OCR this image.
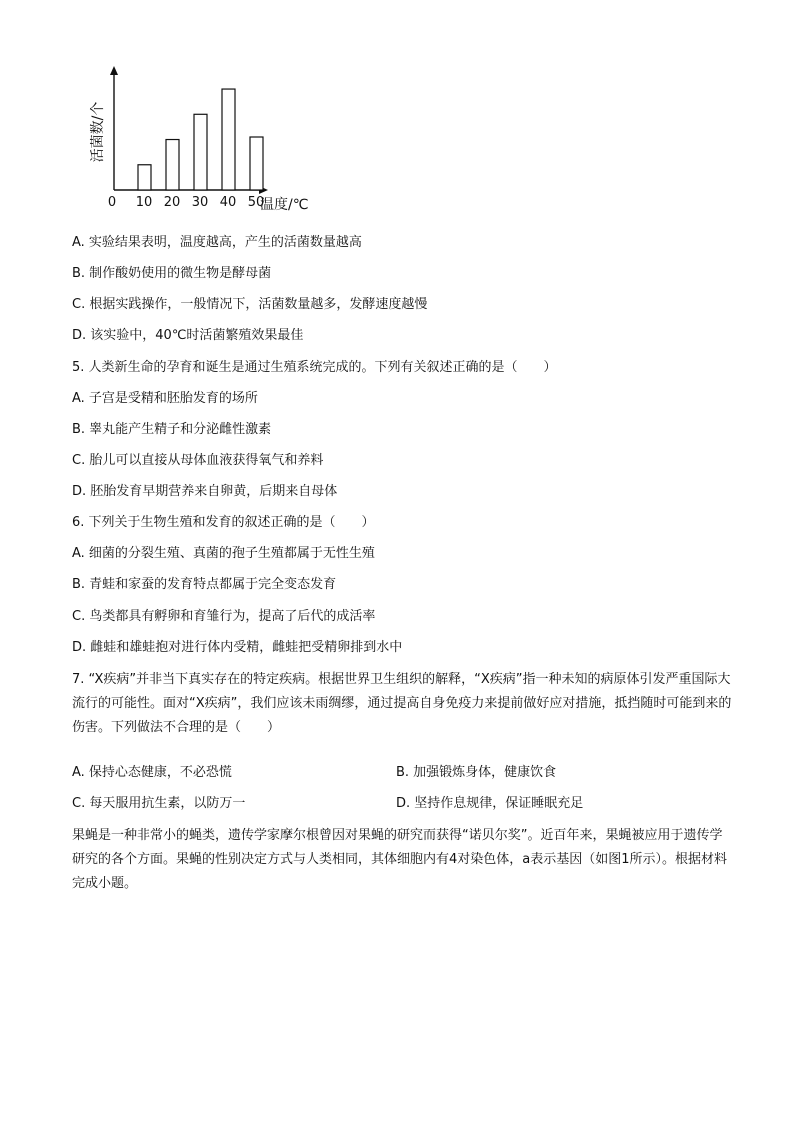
活菌数/个
温度/℃
0 10 20 30 40 50
A. 实验结果表明，温度越高，产生的活菌数量越高
B. 制作酸奶使用的微生物是酵母菌
C. 根据实践操作，一般情况下，活菌数量越多，发酵速度越慢
D. 该实验中，40℃时活菌繁殖效果最佳
5. 人类新生命的孕育和诞生是通过生殖系统完成的。下列有关叙述正确的是（　　）
A. 子宫是受精和胚胎发育的场所
B. 睾丸能产生精子和分泌雌性激素
C. 胎儿可以直接从母体血液获得氧气和养料
D. 胚胎发育早期营养来自卵黄，后期来自母体
6. 下列关于生物生殖和发育的叙述正确的是（　　）
A. 细菌的分裂生殖、真菌的孢子生殖都属于无性生殖
B. 青蛙和家蚕的发育特点都属于完全变态发育
C. 鸟类都具有孵卵和育雏行为，提高了后代的成活率
D. 雌蛙和雄蛙抱对进行体内受精，雌蛙把受精卵排到水中
7. “X疾病”并非当下真实存在的特定疾病。根据世界卫生组织的解释，“X疾病”指一种未知的病原体引发严重国际大流行的可能性。面对“X疾病”，我们应该未雨绸缪，通过提高自身免疫力来提前做好应对措施，抵挡随时可能到来的伤害。下列做法不合理的是（　　）
A. 保持心态健康，不必恐慌	B. 加强锻炼身体，健康饮食
C. 每天服用抗生素，以防万一	D. 坚持作息规律，保证睡眠充足
果蝇是一种非常小的蝇类，遗传学家摩尔根曾因对果蝇的研究而获得“诺贝尔奖”。近百年来，果蝇被应用于遗传学研究的各个方面。果蝇的性别决定方式与人类相同，其体细胞内有4对染色体，a表示基因（如图1所示）。根据材料完成小题。
